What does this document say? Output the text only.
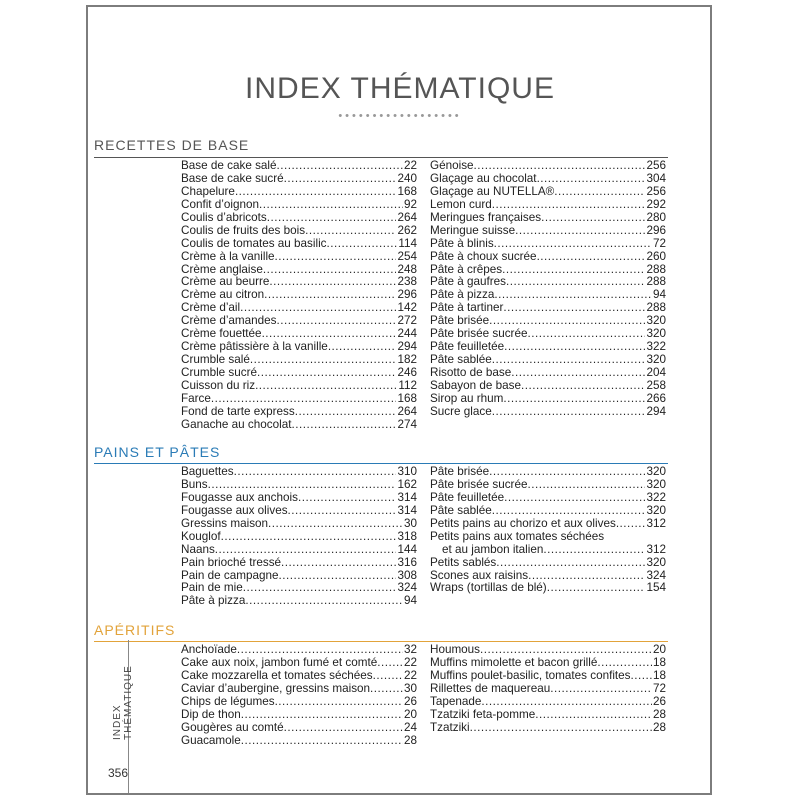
INDEX THÉMATIQUE
••••••••••••••••••
RECETTES DE BASE
Base de cake salé .....	22
Base de cake sucré .....	240
Chapelure .....	168
Confit d’oignon .....	92
Coulis d’abricots .....	264
Coulis de fruits des bois .....	262
Coulis de tomates au basilic .....	114
Crème à la vanille .....	254
Crème anglaise .....	248
Crème au beurre .....	238
Crème au citron .....	296
Crème d’ail .....	142
Crème d’amandes .....	272
Crème fouettée .....	244
Crème pâtissière à la vanille .....	294
Crumble salé .....	182
Crumble sucré .....	246
Cuisson du riz .....	112
Farce .....	168
Fond de tarte express .....	264
Ganache au chocolat .....	274
Génoise .....	256
Glaçage au chocolat .....	304
Glaçage au NUTELLA® .....	256
Lemon curd .....	292
Meringues françaises .....	280
Meringue suisse .....	296
Pâte à blinis .....	72
Pâte à choux sucrée .....	260
Pâte à crêpes .....	288
Pâte à gaufres .....	288
Pâte à pizza .....	94
Pâte à tartiner .....	288
Pâte brisée .....	320
Pâte brisée sucrée .....	320
Pâte feuilletée .....	322
Pâte sablée .....	320
Risotto de base .....	204
Sabayon de base .....	258
Sirop au rhum .....	266
Sucre glace .....	294
PAINS ET PÂTES
Baguettes .....	310
Buns .....	162
Fougasse aux anchois .....	314
Fougasse aux olives .....	314
Gressins maison .....	30
Kouglof .....	318
Naans .....	144
Pain brioché tressé .....	316
Pain de campagne .....	308
Pain de mie .....	324
Pâte à pizza .....	94
Pâte brisée .....	320
Pâte brisée sucrée .....	320
Pâte feuilletée .....	322
Pâte sablée .....	320
Petits pains au chorizo et aux olives .....	312
Petits pains aux tomates séchées
et au jambon italien .....	312
Petits sablés .....	320
Scones aux raisins .....	324
Wraps (tortillas de blé) .....	154
APÉRITIFS
Anchoïade .....	32
Cake aux noix, jambon fumé et comté ..... 22
Cake mozzarella et tomates séchées .....	22
Caviar d’aubergine, gressins maison .....	30
Chips de légumes .....	26
Dip de thon .....	20
Gougères au comté .....	24
Guacamole .....	28
Houmous .....	20
Muffins mimolette et bacon grillé .....	18
Muffins poulet-basilic, tomates confites ..... 18
Rillettes de maquereau .....	72
Tapenade .....	26
Tzatziki feta-pomme .....	28
Tzatziki .....	28
INDEX THÉMATIQUE
356
